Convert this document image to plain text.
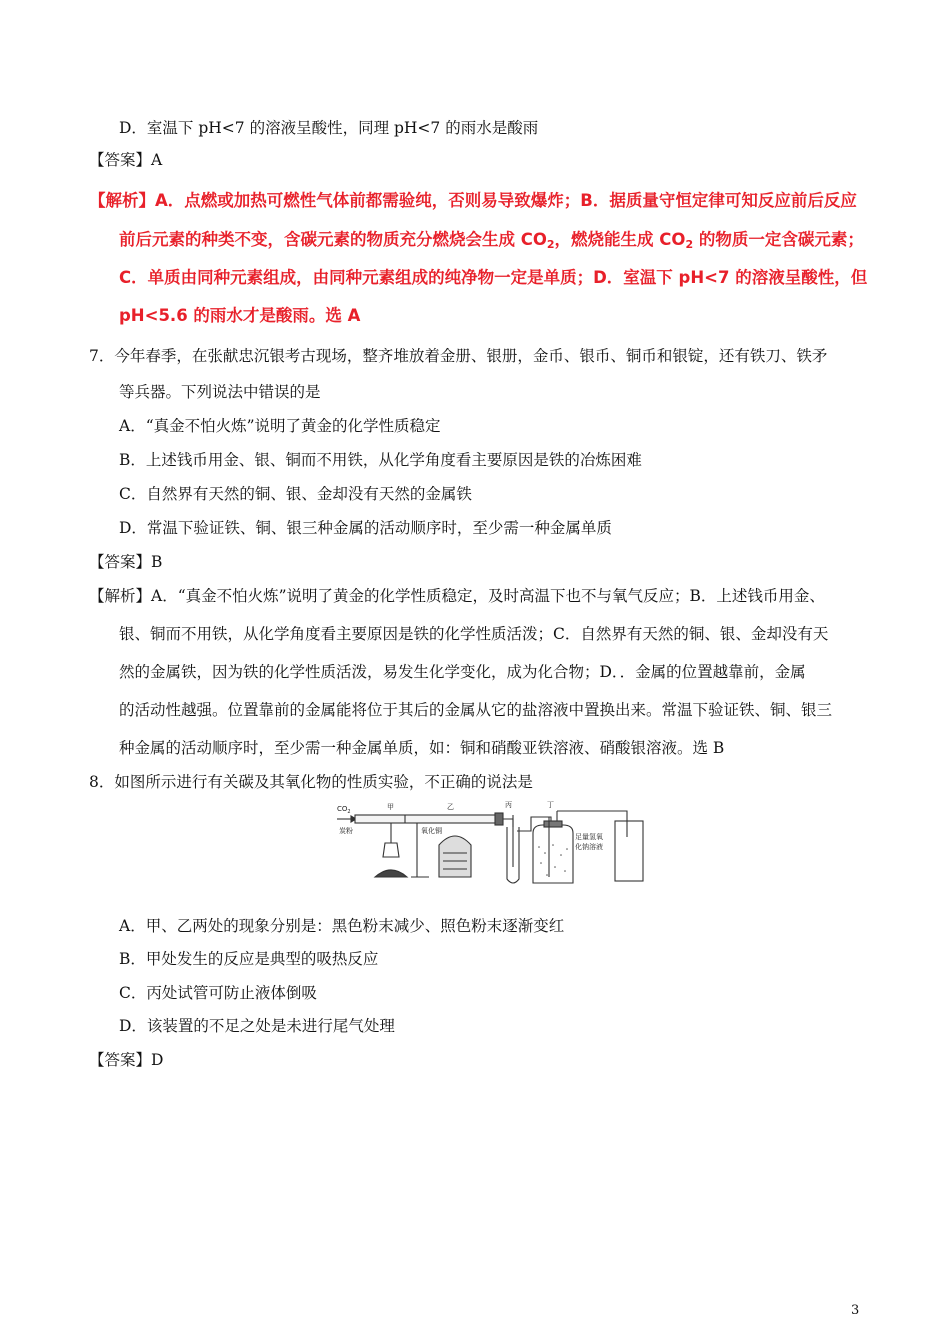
D．室温下 pH<7 的溶液呈酸性，同理 pH<7 的雨水是酸雨
【答案】A
【解析】A．点燃或加热可燃性气体前都需验纯，否则易导致爆炸；B．据质量守恒定律可知反应前后反应
前后元素的种类不变，含碳元素的物质充分燃烧会生成 $CO_2$，燃烧能生成 $CO_2$ 的物质一定含碳元素；
C．单质由同种元素组成，由同种元素组成的纯净物一定是单质；D．室温下 pH<7 的溶液呈酸性，但
pH<5.6 的雨水才是酸雨。选 A
7．今年春季，在张献忠沉银考古现场，整齐堆放着金册、银册，金币、银币、铜币和银锭，还有铁刀、铁矛
等兵器。下列说法中错误的是
A．“真金不怕火炼”说明了黄金的化学性质稳定
B．上述钱币用金、银、铜而不用铁，从化学角度看主要原因是铁的冶炼困难
C．自然界有天然的铜、银、金却没有天然的金属铁
D．常温下验证铁、铜、银三种金属的活动顺序时，至少需一种金属单质
【答案】B
【解析】A．“真金不怕火炼”说明了黄金的化学性质稳定，及时高温下也不与氧气反应；B．上述钱币用金、
银、铜而不用铁，从化学角度看主要原因是铁的化学性质活泼；C．自然界有天然的铜、银、金却没有天
然的金属铁，因为铁的化学性质活泼，易发生化学变化，成为化合物；D．．金属的位置越靠前，金属
的活动性越强。位置靠前的金属能将位于其后的金属从它的盐溶液中置换出来。常温下验证铁、铜、银三
种金属的活动顺序时，至少需一种金属单质，如：铜和硝酸亚铁溶液、硝酸银溶液。选 B
8．如图所示进行有关碳及其氧化物的性质实验，不正确的说法是
$CO_2$
甲	乙	丙	丁
炭粉	氧化铜
足量氢氧
化钠溶液
A．甲、乙两处的现象分别是：黑色粉末减少、照色粉末逐渐变红
B．甲处发生的反应是典型的吸热反应
C．丙处试管可防止液体倒吸
D．该装置的不足之处是未进行尾气处理
【答案】D
3
